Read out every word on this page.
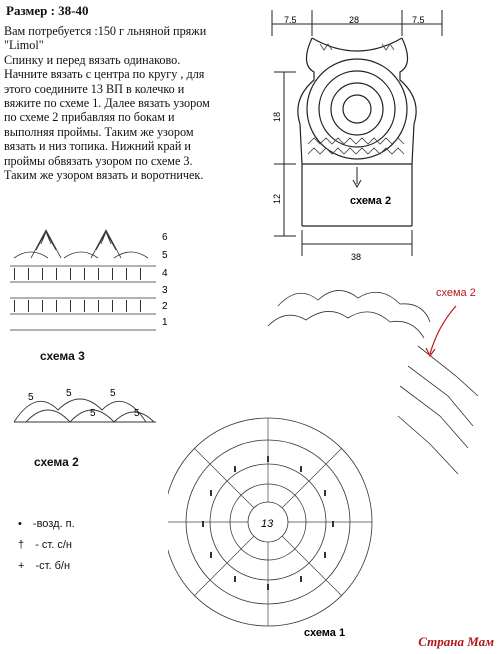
Размер : 38-40
Вам потребуется :150 г льняной пряжи
"Limol"
Спинку и перед вязать одинаково.
Начните вязать с центра по кругу , для
этого соедините 13 ВП в колечко и
вяжите по схеме 1. Далее вязать узором
по схеме 2 прибавляя по бокам и
выполняя проймы. Таким же узором
вязать и низ топика. Нижний край и
проймы обвязать узором по схеме 3.
Таким же узором вязать и воротничек.
7.5	28	7.5
схема 2
18
12
38
6
5
4
3
2
1
схема 3
5	5	5
5	5
схема 2
• -возд. п.
† - ст. с/н
+ -ст. б/н
схема 2
13
схема 1
Страна Мам
